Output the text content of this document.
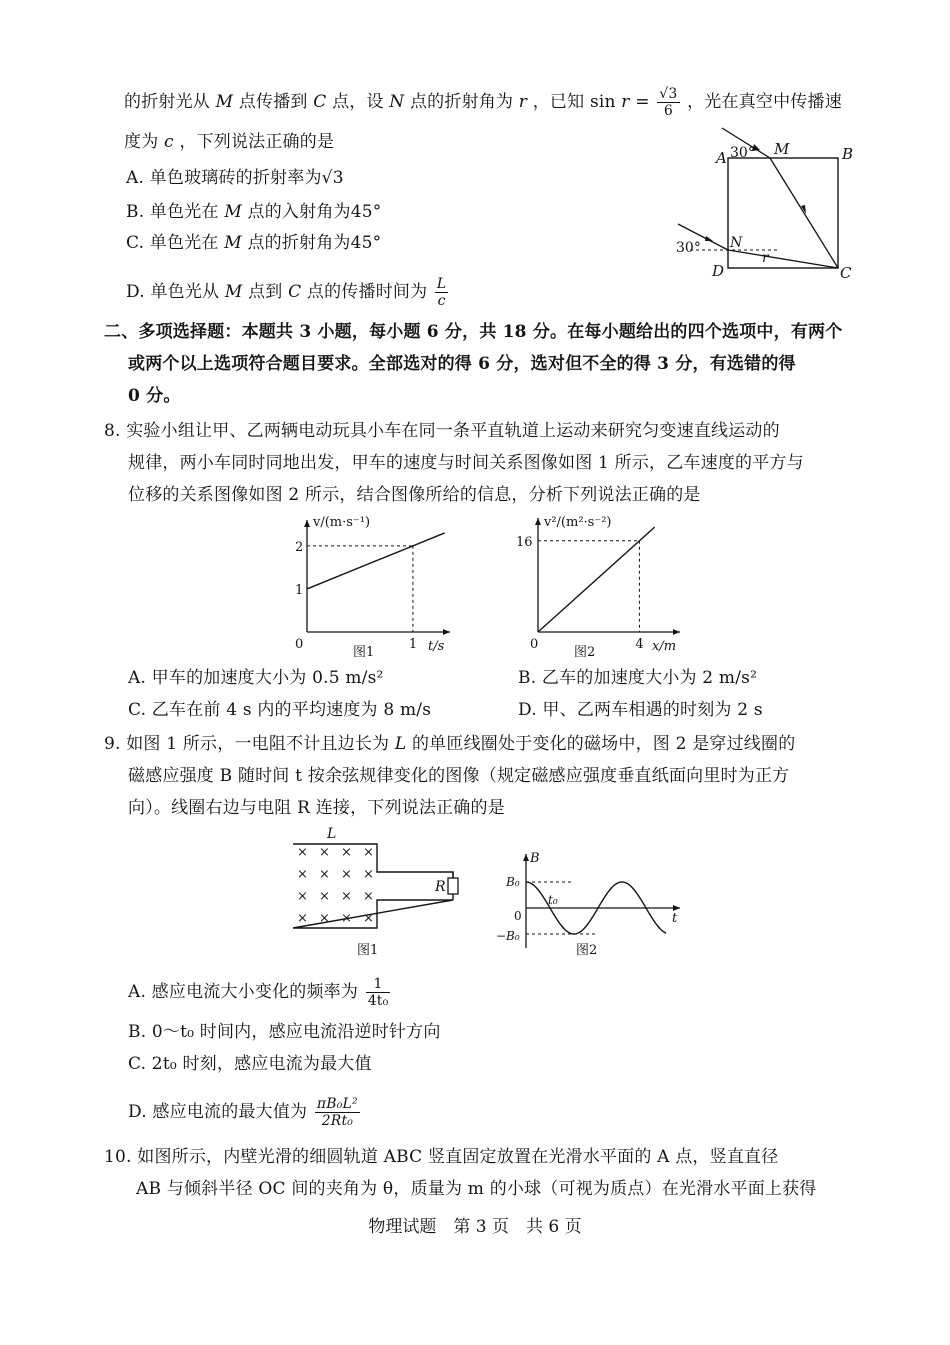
的折射光从 M 点传播到 C 点，设 N 点的折射角为 r ，已知 $\sin r = \frac{√3}{6}$ ，光在真空中传播速
度为 c ，下列说法正确的是
A. 单色玻璃砖的折射率为√3
B. 单色光在 M 点的入射角为45°
C. 单色光在 M 点的折射角为45°
D. 单色光从 M 点到 C 点的传播时间为 $\frac{L}{c}$
A	B
C
D
M
N
r
30°
30°
二、多项选择题：本题共 3 小题，每小题 6 分，共 18 分。在每小题给出的四个选项中，有两个
或两个以上选项符合题目要求。全部选对的得 6 分，选对但不全的得 3 分，有选错的得
0 分。
8. 实验小组让甲、乙两辆电动玩具小车在同一条平直轨道上运动来研究匀变速直线运动的
规律，两小车同时同地出发，甲车的速度与时间关系图像如图 1 所示，乙车速度的平方与
位移的关系图像如图 2 所示，结合图像所给的信息，分析下列说法正确的是
v/(m·s⁻¹)
t/s
0	1
1
2
图1
v²/(m²·s⁻²)
x/m
0	4
16
图2
A. 甲车的加速度大小为 0.5 m/s²	B. 乙车的加速度大小为 2 m/s²
C. 乙车在前 4 s 内的平均速度为 8 m/s	D. 甲、乙两车相遇的时刻为 2 s
9. 如图 1 所示，一电阻不计且边长为 L 的单匝线圈处于变化的磁场中，图 2 是穿过线圈的
磁感应强度 B 随时间 t 按余弦规律变化的图像（规定磁感应强度垂直纸面向里时为正方
向）。线圈右边与电阻 R 连接，下列说法正确的是
R
L
× × × ×
× × × ×
× × × ×
× × × ×
图1
B
t
B₀
−B₀
0
t₀
图2
A. 感应电流大小变化的频率为 $\frac{1}{\text{4t₀}}$
B. 0～t₀ 时间内，感应电流沿逆时针方向
C. 2t₀ 时刻，感应电流为最大值
D. 感应电流的最大值为 $\frac{\text{πB₀L²}}{\text{2Rt₀}}$
10. 如图所示，内壁光滑的细圆轨道 ABC 竖直固定放置在光滑水平面的 A 点，竖直直径
AB 与倾斜半径 OC 间的夹角为 θ，质量为 m 的小球（可视为质点）在光滑水平面上获得
物理试题　第 3 页　共 6 页
